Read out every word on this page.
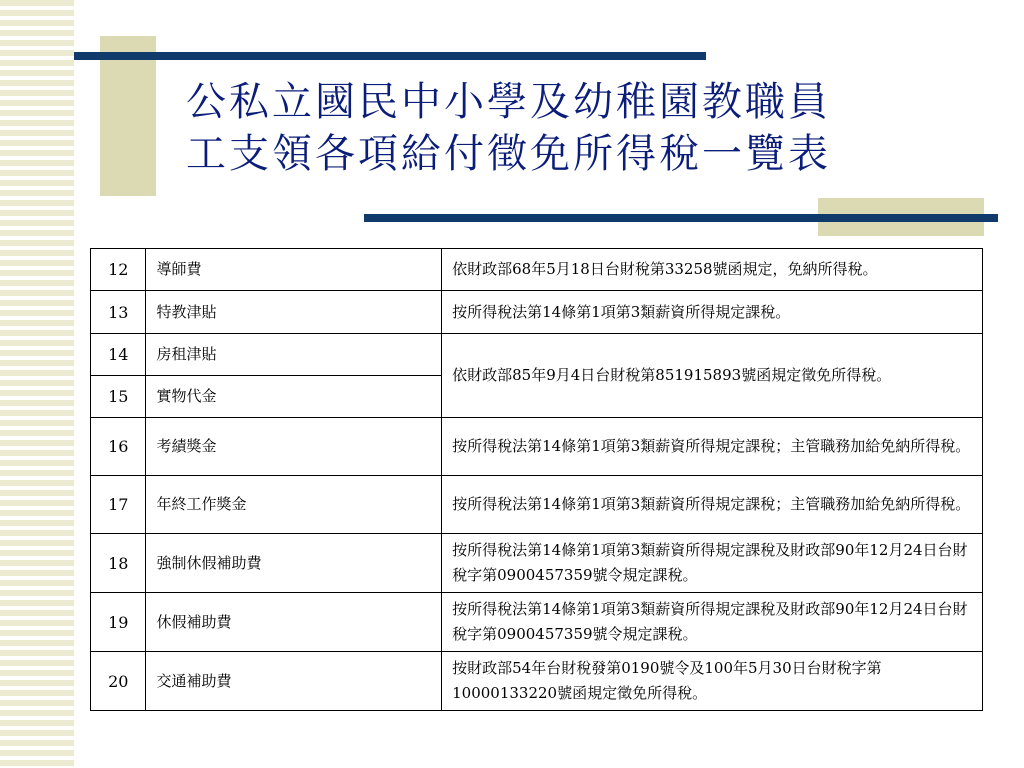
公私立國民中小學及幼稚園教職員
工支領各項給付徵免所得稅一覽表
12	導師費	依財政部68年5月18日台財稅第33258號函規定，免納所得稅。
13	特教津貼	按所得稅法第14條第1項第3類薪資所得規定課稅。
14	房租津貼	依財政部85年9月4日台財稅第851915893號函規定徵免所得稅。
15	實物代金	
16	考績獎金	按所得稅法第14條第1項第3類薪資所得規定課稅；主管職務加給免納所得稅。
17	年終工作獎金	按所得稅法第14條第1項第3類薪資所得規定課稅；主管職務加給免納所得稅。
18	強制休假補助費	按所得稅法第14條第1項第3類薪資所得規定課稅及財政部90年12月24日台財稅字第0900457359號令規定課稅。
19	休假補助費	按所得稅法第14條第1項第3類薪資所得規定課稅及財政部90年12月24日台財稅字第0900457359號令規定課稅。
20	交通補助費	按財政部54年台財稅發第0190號令及100年5月30日台財稅字第10000133220號函規定徵免所得稅。
